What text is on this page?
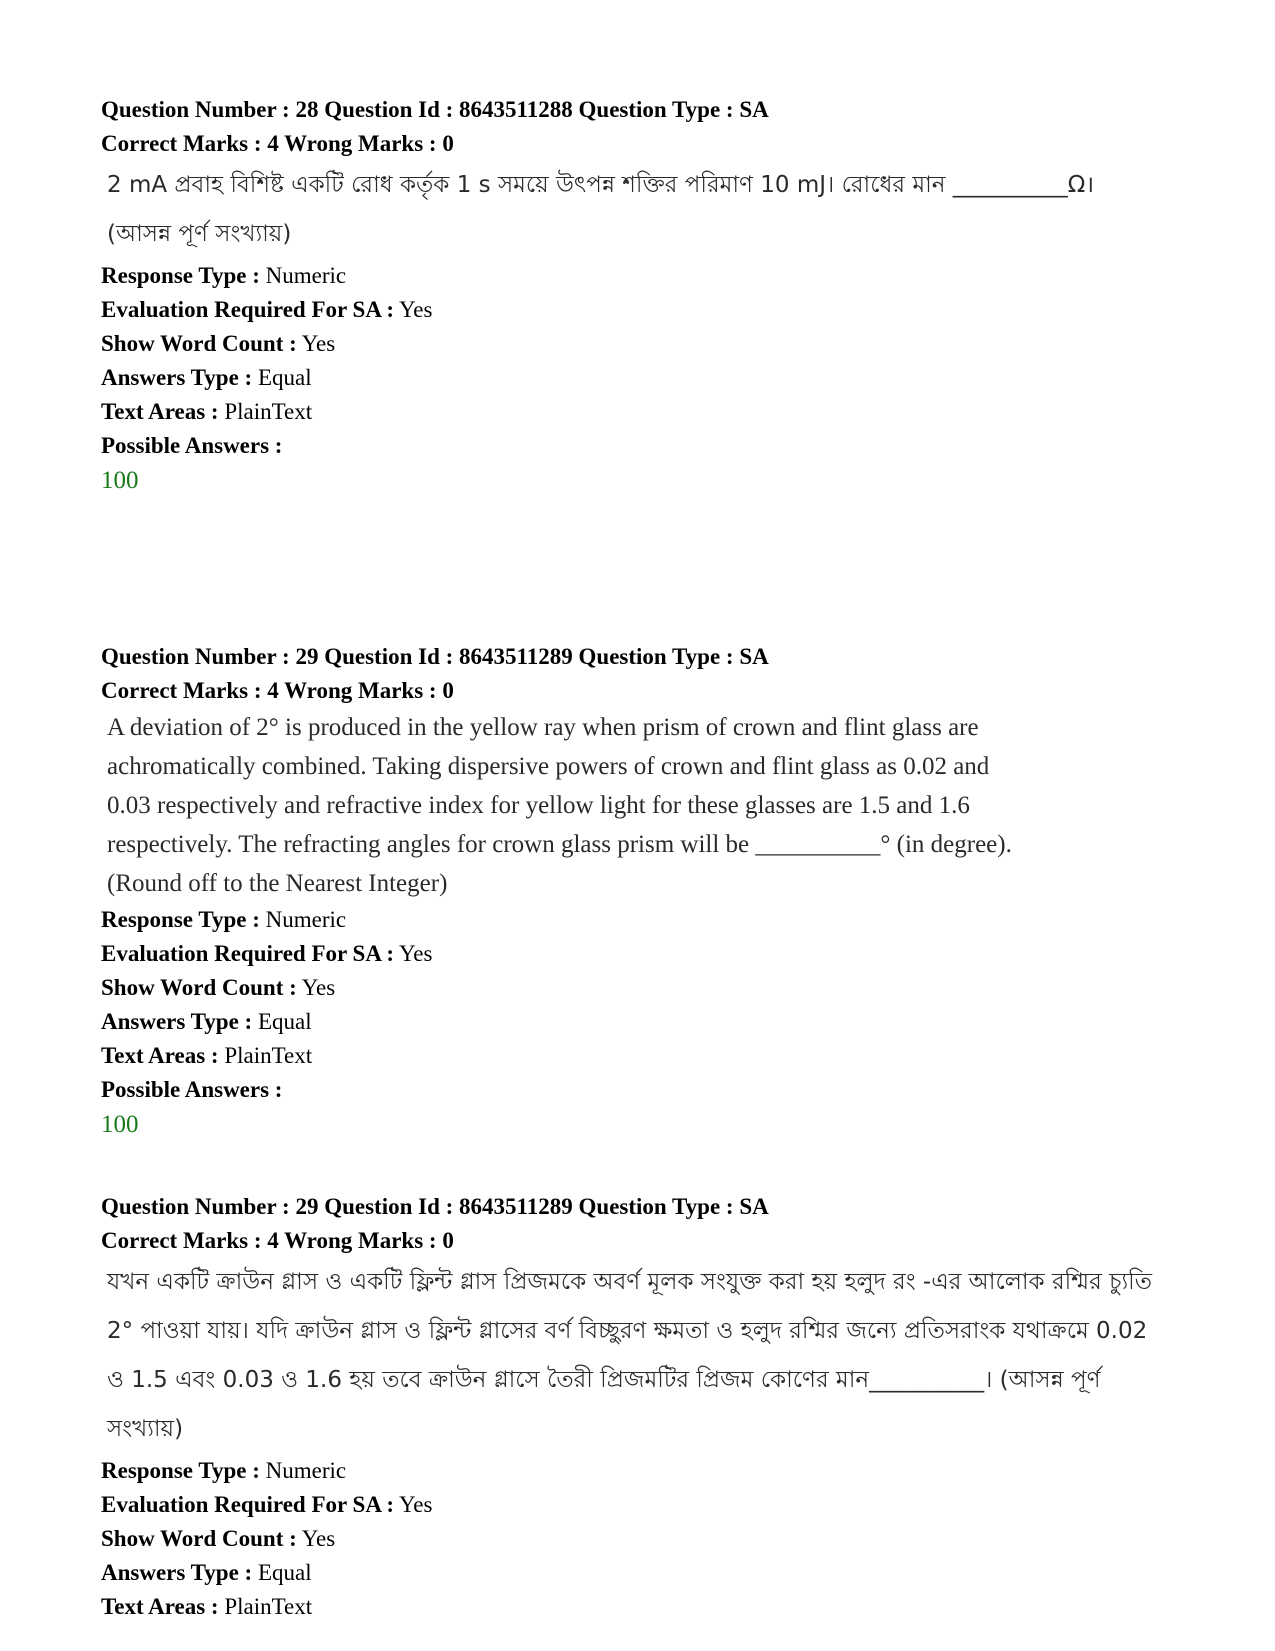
Question Number : 28 Question Id : 8643511288 Question Type : SA
Correct Marks : 4 Wrong Marks : 0
2 mA প্রবাহ বিশিষ্ট একটি রোধ কর্তৃক 1 s সময়ে উৎপন্ন শক্তির পরিমাণ 10 mJ। রোধের মান __________Ω।
(আসন্ন পূর্ণ সংখ্যায়)
Response Type : Numeric
Evaluation Required For SA : Yes
Show Word Count : Yes
Answers Type : Equal
Text Areas : PlainText
Possible Answers :
100
Question Number : 29 Question Id : 8643511289 Question Type : SA
Correct Marks : 4 Wrong Marks : 0
A deviation of 2° is produced in the yellow ray when prism of crown and flint glass are
achromatically combined. Taking dispersive powers of crown and flint glass as 0.02 and
0.03 respectively and refractive index for yellow light for these glasses are 1.5 and 1.6
respectively. The refracting angles for crown glass prism will be __________° (in degree).
(Round off to the Nearest Integer)
Response Type : Numeric
Evaluation Required For SA : Yes
Show Word Count : Yes
Answers Type : Equal
Text Areas : PlainText
Possible Answers :
100
Question Number : 29 Question Id : 8643511289 Question Type : SA
Correct Marks : 4 Wrong Marks : 0
যখন একটি ক্রাউন গ্লাস ও একটি ফ্লিন্ট গ্লাস প্রিজমকে অবর্ণ মূলক সংযুক্ত করা হয় হলুদ রং -এর আলোক রশ্মির চ্যুতি
2° পাওয়া যায়। যদি ক্রাউন গ্লাস ও ফ্লিন্ট গ্লাসের বর্ণ বিচ্ছুরণ ক্ষমতা ও হলুদ রশ্মির জন্যে প্রতিসরাংক যথাক্রমে 0.02
ও 1.5 এবং 0.03 ও 1.6 হয় তবে ক্রাউন গ্লাসে তৈরী প্রিজমটির প্রিজম কোণের মান__________। (আসন্ন পূর্ণ
সংখ্যায়)
Response Type : Numeric
Evaluation Required For SA : Yes
Show Word Count : Yes
Answers Type : Equal
Text Areas : PlainText
